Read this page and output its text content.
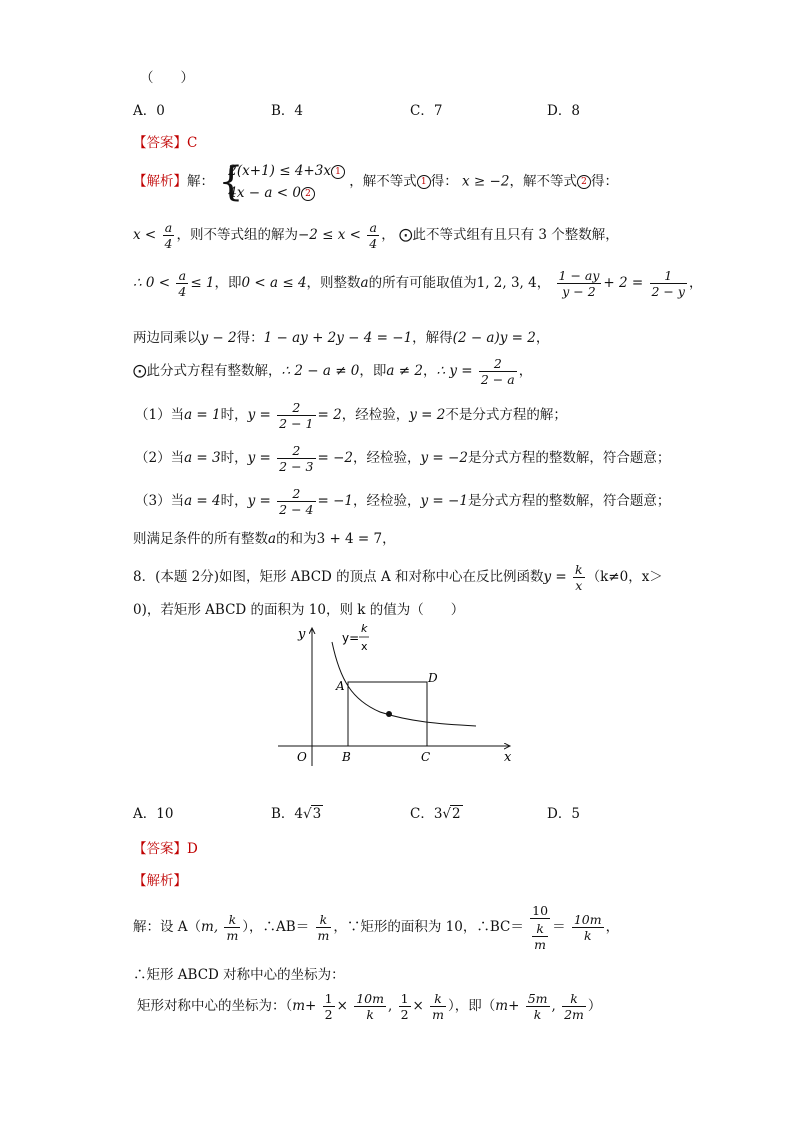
（　　）
A．0	B．4	C．7	D．8
【答案】C
【解析】解： {
2(x+1) ≤ 4+3x 1
4x − a < 0 2
，解不等式 1 得： x ≥ −2，解不等式 2 得：
$x < \frac{a}{4}$ ，则不等式组的解为$-2 \le x < \frac{a}{4}$ ， ⨀此不等式组有且只有 3 个整数解，
∴ $0 < \frac{a}{4} \le 1$，即0 < a ≤ 4，则整数a的所有可能取值为1, 2, 3, 4， $\frac{1 - ay}{y - 2} + 2 = \frac{1}{2 - y}$ ，
两边同乘以y − 2得：1 − ay + 2y − 4 = −1，解得(2 − a)y = 2，
⨀此分式方程有整数解，∴ 2 − a ≠ 0，即a ≠ 2，∴ $y = \frac{2}{2 - a}$ ，
（1）当a = 1时，$y = \frac{2}{2 - 1} = 2$，经检验，y = 2不是分式方程的解；
（2）当a = 3时，$y = \frac{2}{2 - 3} = -2$，经检验，y = −2是分式方程的整数解，符合题意；
（3）当a = 4时，$y = \frac{2}{2 - 4} = -1$，经检验，y = −1是分式方程的整数解，符合题意；
则满足条件的所有整数a的和为3 + 4 = 7，
8．(本题 2分)如图，矩形 ABCD 的顶点 A 和对称中心在反比例函数$y = \frac{k}{x} (k\ne 0$，x＞
0)，若矩形 ABCD 的面积为 10，则 k 的值为（　　）
y
x
O
y=
k
x
A
B	C
D
A．10	B．4√3	C．3√2	D．5
【答案】D
【解析】
解：设 A（m, $\frac{k}{m}$ ），∴AB＝ $\frac{k}{m}$ ，∵矩形的面积为 10，∴BC＝ $\frac{10}{\frac{k}{m}} = \frac{10m}{k}$ ，
∴矩形 ABCD 对称中心的坐标为：
矩形对称中心的坐标为：（$m+ \frac{1}{2} \times \frac{10m}{k}$ , $\frac{1}{2} \times \frac{k}{m}$ ），即（$m+ \frac{5m}{k}$ , $\frac{k}{2m}$ ）
